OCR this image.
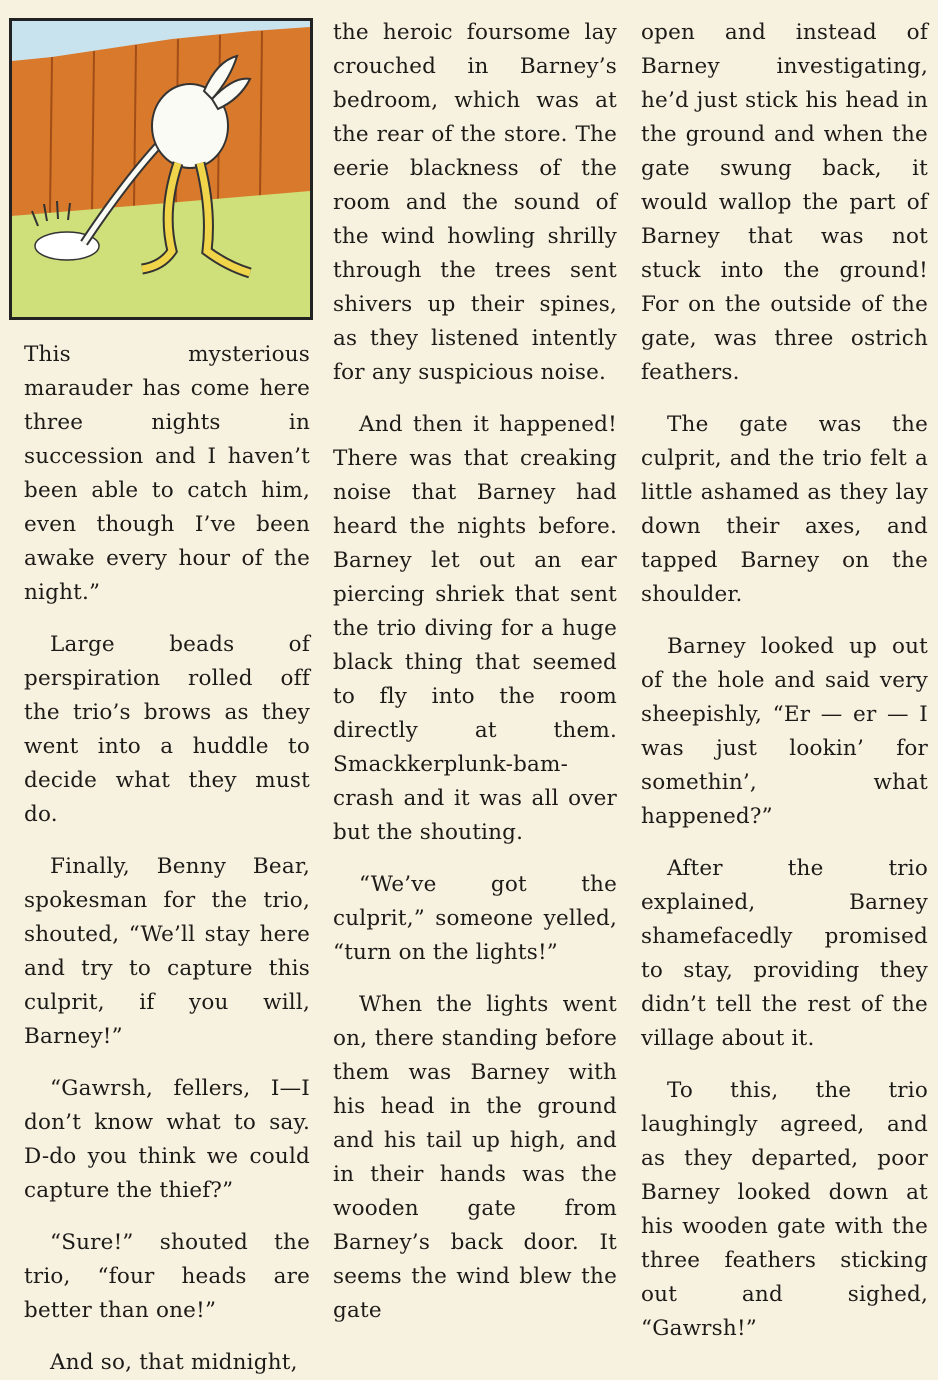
This mysterious marauder has come here three nights in succession and I haven’t been able to catch him, even though I’ve been awake every hour of the night.”

Large beads of perspiration rolled off the trio’s brows as they went into a huddle to decide what they must do.

Finally, Benny Bear, spokesman for the trio, shouted, “We’ll stay here and try to capture this culprit, if you will, Barney!”

“Gawrsh, fellers, I—I don’t know what to say. D-do you think we could capture the thief?”

“Sure!” shouted the trio, “four heads are better than one!”

And so, that midnight,

the heroic foursome lay crouched in Barney’s bedroom, which was at the rear of the store. The eerie blackness of the room and the sound of the wind howling shrilly through the trees sent shivers up their spines, as they listened intently for any suspicious noise.

And then it happened! There was that creaking noise that Barney had heard the nights before. Barney let out an ear piercing shriek that sent the trio diving for a huge black thing that seemed to fly into the room directly at them. Smackkerplunk-bam-crash and it was all over but the shouting.

“We’ve got the culprit,” someone yelled, “turn on the lights!”

When the lights went on, there standing before them was Barney with his head in the ground and his tail up high, and in their hands was the wooden gate from Barney’s back door. It seems the wind blew the gate

open and instead of Barney investigating, he’d just stick his head in the ground and when the gate swung back, it would wallop the part of Barney that was not stuck into the ground! For on the outside of the gate, was three ostrich feathers.

The gate was the culprit, and the trio felt a little ashamed as they lay down their axes, and tapped Barney on the shoulder.

Barney looked up out of the hole and said very sheepishly, “Er — er — I was just lookin’ for somethin’, what happened?”

After the trio explained, Barney shamefacedly promised to stay, providing they didn’t tell the rest of the village about it.

To this, the trio laughingly agreed, and as they departed, poor Barney looked down at his wooden gate with the three feathers sticking out and sighed, “Gawrsh!”
